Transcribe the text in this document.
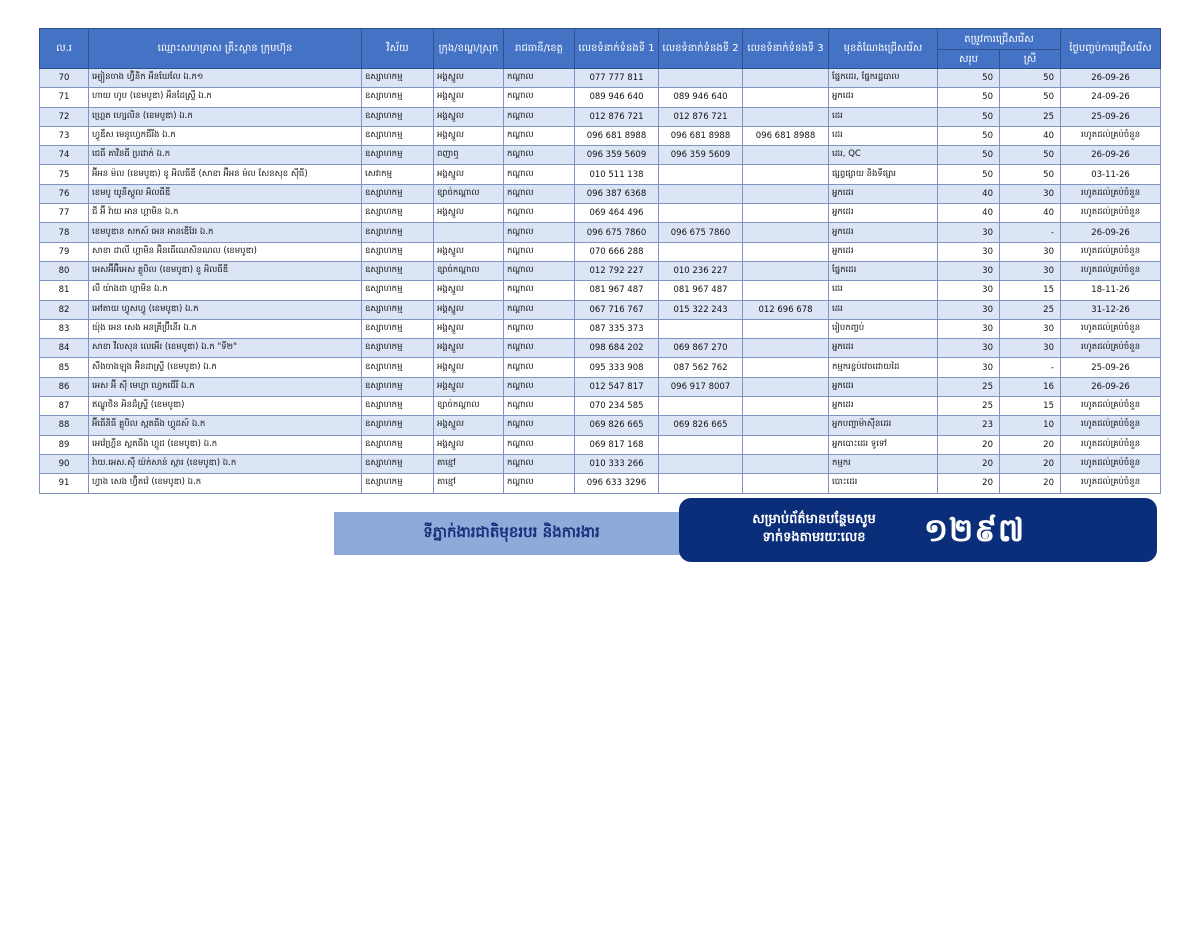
ល.រ	ឈ្មោះសហគ្រាស គ្រឹះស្ថាន ក្រុមហ៊ុន	វិស័យ	ក្រុង/ខណ្ឌ/ស្រុក	រាជធានី/ខេត្ត	លេខទំនាក់ទំនងទី 1	លេខទំនាក់ទំនងទី 2	លេខទំនាក់ទំនងទី 3	មុខតំណែងជ្រើសរើស	តម្រូវការជ្រើសរើស		ថ្ងៃបញ្ចប់ការជ្រើសរើស
									សរុប	ស្រី	
70	អ្យៀនចាង ហ្វ៊ិនិក អឹនឃែលែ ឯ.ក១	ឧស្សាហកម្ម	អង្គស្នួល	កណ្ដាល	077 777 811			ផ្នែកដេរ, ផ្នែករដ្ឋបាល	50	50	26-09-26
71	ហាយ ហូប (ខេមបូឌា) អឹនដែស្ទ្រី ឯ.ក	ឧស្សាហកម្ម	អង្គស្នួល	កណ្ដាល	089 946 640	089 946 640		អ្នកដេរ	50	50	24-09-26
72	ហ្គ្រេត ហ្សេលិន (ខេមបូឌា) ឯ.ក	ឧស្សាហកម្ម	អង្គស្នួល	កណ្ដាល	012 876 721	012 876 721		ដេរ	50	25	25-09-26
73	ហ្វូឌឹស មេនូហ្វេកជឺរីង ឯ.ក	ឧស្សាហកម្ម	អង្គស្នួល	កណ្ដាល	096 681 8988	096 681 8988	096 681 8988	ដេរ	50	40	រហូតដល់គ្រប់ចំនួន
74	ជេធី គាវិនធី ប្រដាក់ ឯ.ក	ឧស្សាហកម្ម	ពញាឮ	កណ្ដាល	096 359 5609	096 359 5609		ដេរ, QC	50	50	26-09-26
75	អ៊ីអន ម៉ល (ខេមបូឌា) ខូ អិលធីឌី (សាខា អ៊ីអន ម៉ល សែនសុខ ស៊ីធី)	សេវាកម្ម	អង្គស្នួល	កណ្ដាល	010 511 138			ផ្សព្វផ្សាយ និងទីផ្សារ	50	50	03-11-26
76	ខេមបូ យូនីស្តូល អិលធីឌី	ឧស្សាហកម្ម	ខ្សាច់កណ្ដាល	កណ្ដាល	096 387 6368			អ្នកដេរ	40	30	រហូតដល់គ្រប់ចំនួន
77	ជី អ៊ី វ៉ាយ អាន ហ្គាមិន ឯ.ក	ឧស្សាហកម្ម	អង្គស្នួល	កណ្ដាល	069 464 496			អ្នកដេរ	40	40	រហូតដល់គ្រប់ចំនួន
78	ខេមបូឌាន សកស៍ អេន អានឌើវែរ ឯ.ក	ឧស្សាហកម្ម		កណ្ដាល	096 675 7860	096 675 7860		អ្នកដេរ	30	-	26-09-26
79	សាខា ដាលី ហ្គាមិន អ៊ិនធើណេសិនណល (ខេមបូឌា)	ឧស្សាហកម្ម	អង្គស្នួល	កណ្ដាល	070 666 288			អ្នកដេរ	30	30	រហូតដល់គ្រប់ចំនួន
80	អេសអ៊ីអ៊ីអេស គ្លូបិល (ខេមបូឌា) ខូ អិលធីឌី	ឧស្សាហកម្ម	ខ្សាច់កណ្ដាល	កណ្ដាល	012 792 227	010 236 227		ផ្នែកដេរ	30	30	រហូតដល់គ្រប់ចំនួន
81	លី យ៉ាងដា ហ្គាមិន ឯ.ក	ឧស្សាហកម្ម	អង្គស្នួល	កណ្ដាល	081 967 487	081 967 487		ដេរ	30	15	18-11-26
82	អៅតាយ ហ្វូសហ្វូ (ខេមបូឌា) ឯ.ក	ឧស្សាហកម្ម	អង្គស្នួល	កណ្ដាល	067 716 767	015 322 243	012 696 678	ដេរ	30	25	31-12-26
83	យ៉ុង អេន សេង អនគ្រីប្រ៊ីនើរ ឯ.ក	ឧស្សាហកម្ម	អង្គស្នួល	កណ្ដាល	087 335 373			រៀបកញ្ចប់	30	30	រហូតដល់គ្រប់ចំនួន
84	សាខា វីលសុន លេអើរ (ខេមបូឌា) ឯ.ក "ទី២"	ឧស្សាហកម្ម	អង្គស្នួល	កណ្ដាល	098 684 202	069 867 270		អ្នកដេរ	30	30	រហូតដល់គ្រប់ចំនួន
85	សឺងចាងឡុង អ៊ិនដាស្ទ្រី (ខេមបូឌា) ឯ.ក	ឧស្សាហកម្ម	អង្គស្នួល	កណ្ដាល	095 333 908	087 562 762		កម្មករខ្ចប់វេចដោយដៃ	30	-	25-09-26
86	អេស អ៊ី ស៊ី មេហ្គា ហ្វេកជើរី ឯ.ក	ឧស្សាហកម្ម	អង្គស្នួល	កណ្ដាល	012 547 817	096 917 8007		អ្នកដេរ	25	16	26-09-26
87	ឥណ្ឌូថិន អិនដ៏ស្ទ្រី (ខេមបូឌា)	ឧស្សាហកម្ម	ខ្សាច់កណ្ដាល	កណ្ដាល	070 234 585			អ្នកដេរ	25	15	រហូតដល់គ្រប់ចំនួន
88	អ៊ីធើនិធី គ្លូបិល ស្ពតធីង ហ្គូដស៍ ឯ.ក	ឧស្សាហកម្ម	អង្គស្នួល	កណ្ដាល	069 826 665	069 826 665		អ្នកបញ្ជាម៉ាស៊ីនដេរ	23	10	រហូតដល់គ្រប់ចំនួន
89	អេវ៉េហ្គ្រីន ស្ពតធីង ហ្គូដ (ខេមបូឌា) ឯ.ក	ឧស្សាហកម្ម	អង្គស្នួល	កណ្ដាល	069 817 168			អ្នកបោះដេរ ទូទៅ	20	20	រហូតដល់គ្រប់ចំនួន
90	វ៉ាយ.អេស.ស៊ី យ៉ក់សាន់ ស្ការ (ខេមបូឌា) ឯ.ក	ឧស្សាហកម្ម	តាខ្មៅ	កណ្ដាល	010 333 266			កម្មករ	20	20	រហូតដល់គ្រប់ចំនួន
91	ហ្វាង សេង ហ្វ៊ិតវ៉េ (ខេមបូឌា) ឯ.ក	ឧស្សាហកម្ម	តាខ្មៅ	កណ្ដាល	096 633 3296			បោះដេរ	20	20	រហូតដល់គ្រប់ចំនួន
ទីភ្នាក់ងារជាតិមុខរបរ និងការងារ
សម្រាប់ព័ត៌មានបន្ថែមសូម
ទាក់ទងតាមរយៈលេខ	១២៩៧
